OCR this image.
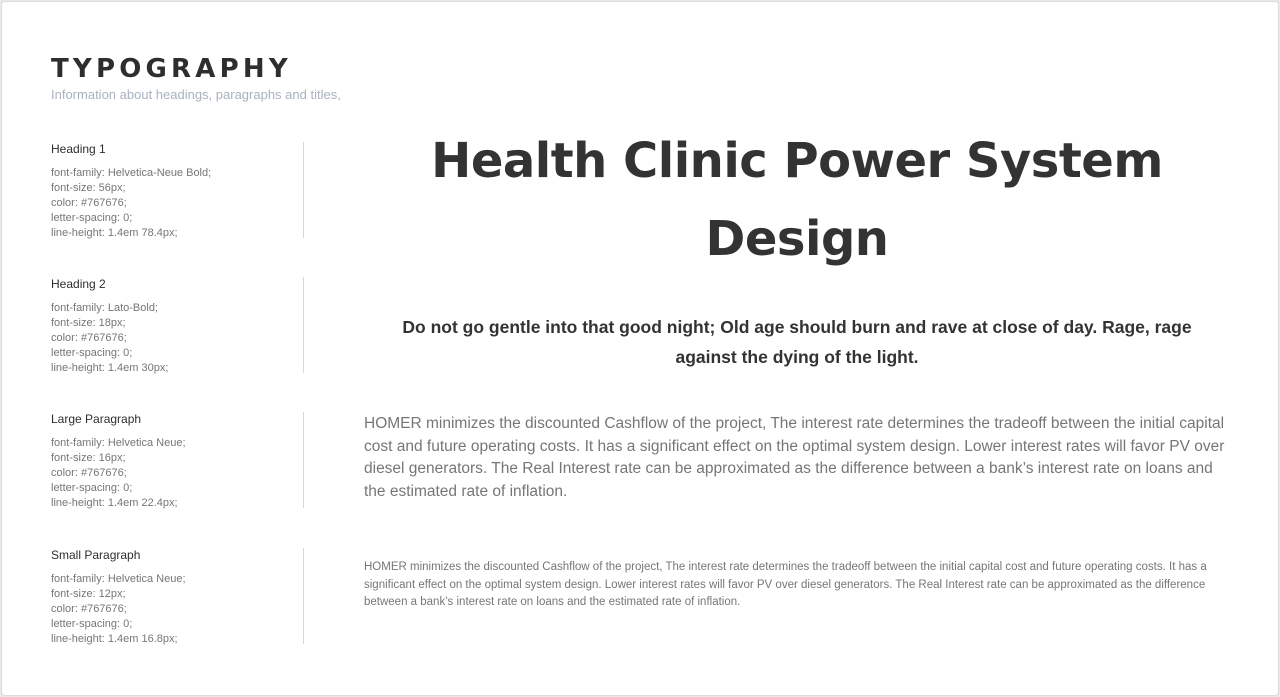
TYPOGRAPHY

Information about headings, paragraphs and titles,

Heading 1

font-family: Helvetica-Neue Bold;

font-size: 56px;

color: #767676;

letter-spacing: 0;

line-height: 1.4em 78.4px;

Heading 2

font-family: Lato-Bold;

font-size: 18px;

color: #767676;

letter-spacing: 0;

line-height: 1.4em 30px;

Large Paragraph

font-family: Helvetica Neue;

font-size: 16px;

color: #767676;

letter-spacing: 0;

line-height: 1.4em 22.4px;

Small Paragraph

font-family: Helvetica Neue;

font-size: 12px;

color: #767676;

letter-spacing: 0;

line-height: 1.4em 16.8px;

Health Clinic Power System Design

Do not go gentle into that good night; Old age should burn and rave at close of day. Rage, rage against the dying of the light.

HOMER minimizes the discounted Cashflow of the project, The interest rate determines the tradeoff between the initial capital cost and future operating costs. It has a significant effect on the optimal system design. Lower interest rates will favor PV over diesel generators. The Real Interest rate can be approximated as the difference between a bank’s interest rate on loans and the estimated rate of inflation.

HOMER minimizes the discounted Cashflow of the project, The interest rate determines the tradeoff between the initial capital cost and future operating costs. It has a significant effect on the optimal system design. Lower interest rates will favor PV over diesel generators. The Real Interest rate can be approximated as the difference between a bank’s interest rate on loans and the estimated rate of inflation.
